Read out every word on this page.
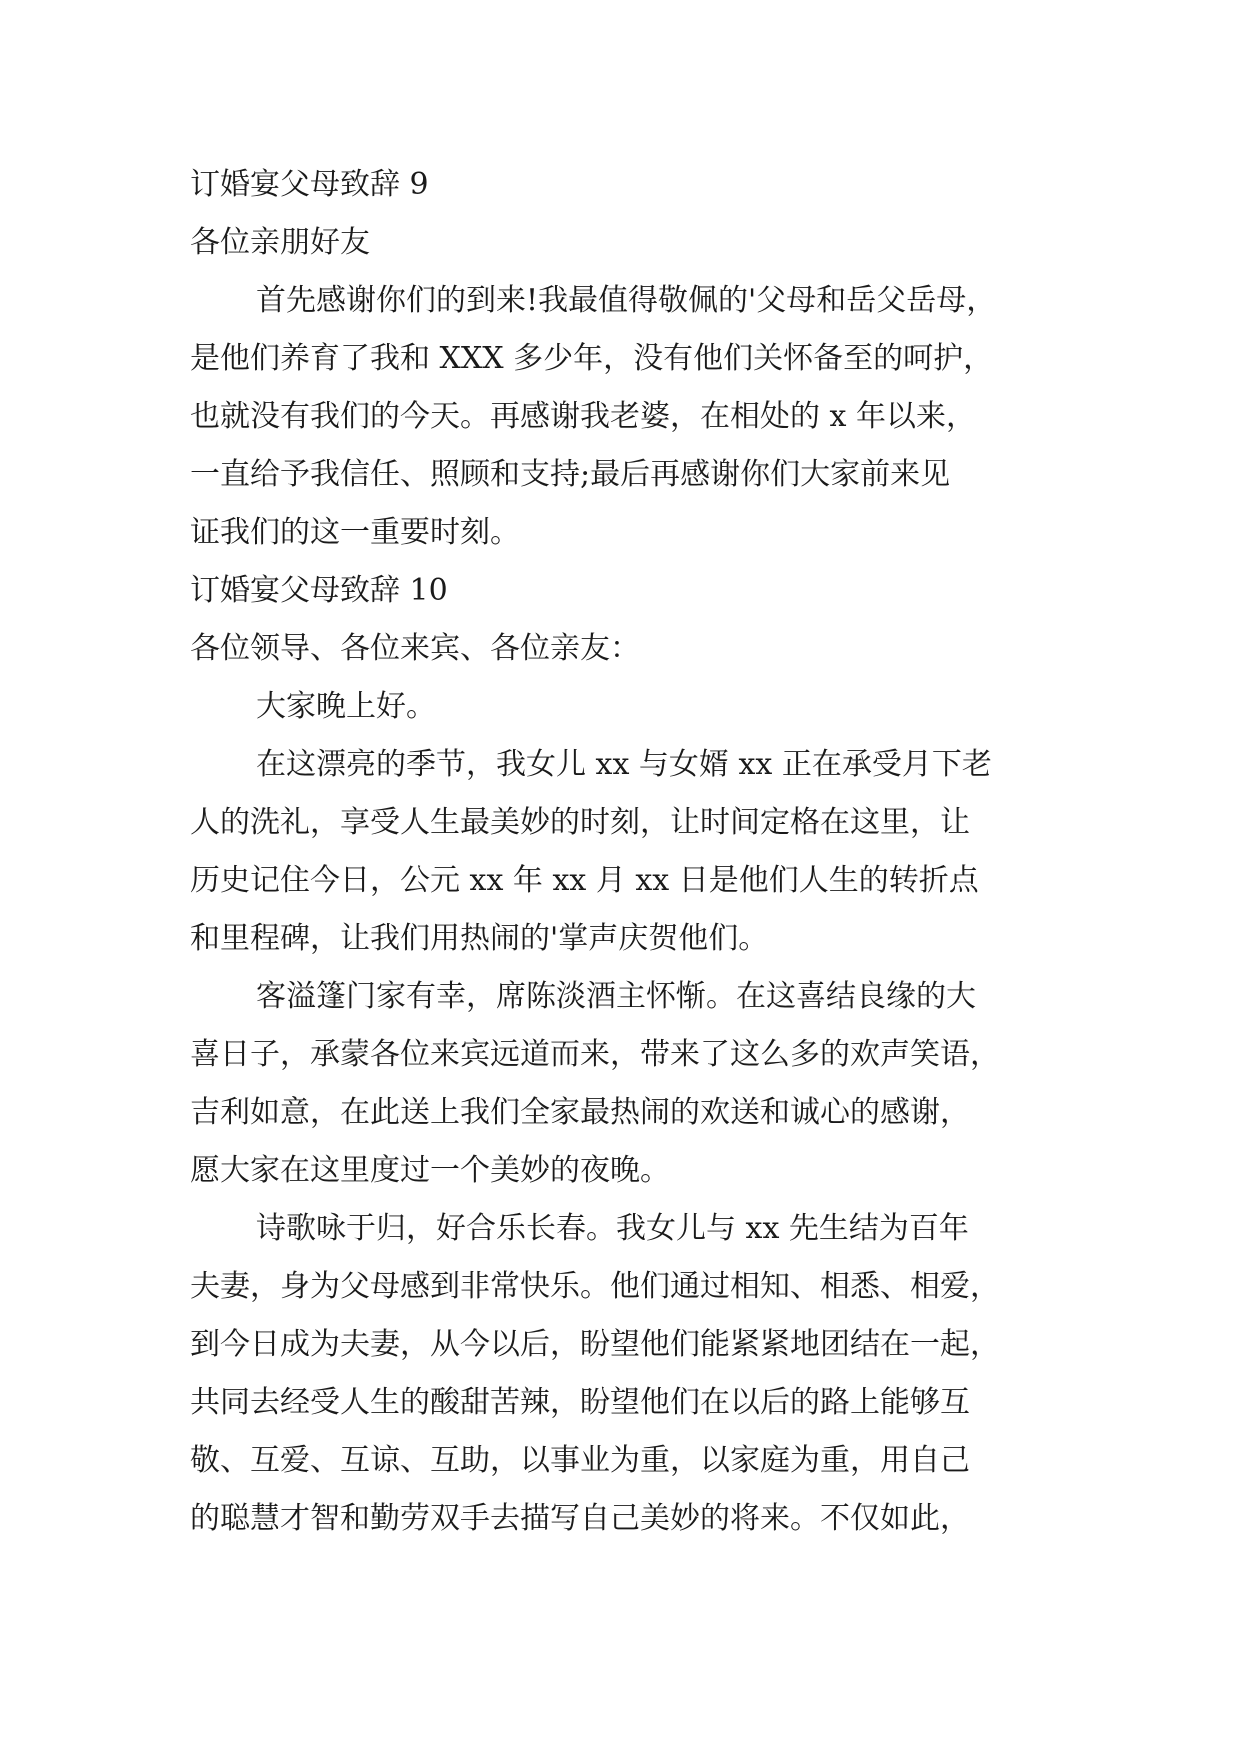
订婚宴父母致辞 9
各位亲朋好友
首先感谢你们的到来!我最值得敬佩的'父母和岳父岳母，
是他们养育了我和 XXX 多少年，没有他们关怀备至的呵护，
也就没有我们的今天。再感谢我老婆，在相处的 x 年以来，
一直给予我信任、照顾和支持;最后再感谢你们大家前来见
证我们的这一重要时刻。
订婚宴父母致辞 10
各位领导、各位来宾、各位亲友：
大家晚上好。
在这漂亮的季节，我女儿 xx 与女婿 xx 正在承受月下老
人的洗礼，享受人生最美妙的时刻，让时间定格在这里，让
历史记住今日，公元 xx 年 xx 月 xx 日是他们人生的转折点
和里程碑，让我们用热闹的'掌声庆贺他们。
客溢篷门家有幸，席陈淡酒主怀惭。在这喜结良缘的大
喜日子，承蒙各位来宾远道而来，带来了这么多的欢声笑语，
吉利如意，在此送上我们全家最热闹的欢送和诚心的感谢，
愿大家在这里度过一个美妙的夜晚。
诗歌咏于归，好合乐长春。我女儿与 xx 先生结为百年
夫妻，身为父母感到非常快乐。他们通过相知、相悉、相爱，
到今日成为夫妻，从今以后，盼望他们能紧紧地团结在一起，
共同去经受人生的酸甜苦辣，盼望他们在以后的路上能够互
敬、互爱、互谅、互助，以事业为重，以家庭为重，用自己
的聪慧才智和勤劳双手去描写自己美妙的将来。不仅如此，
